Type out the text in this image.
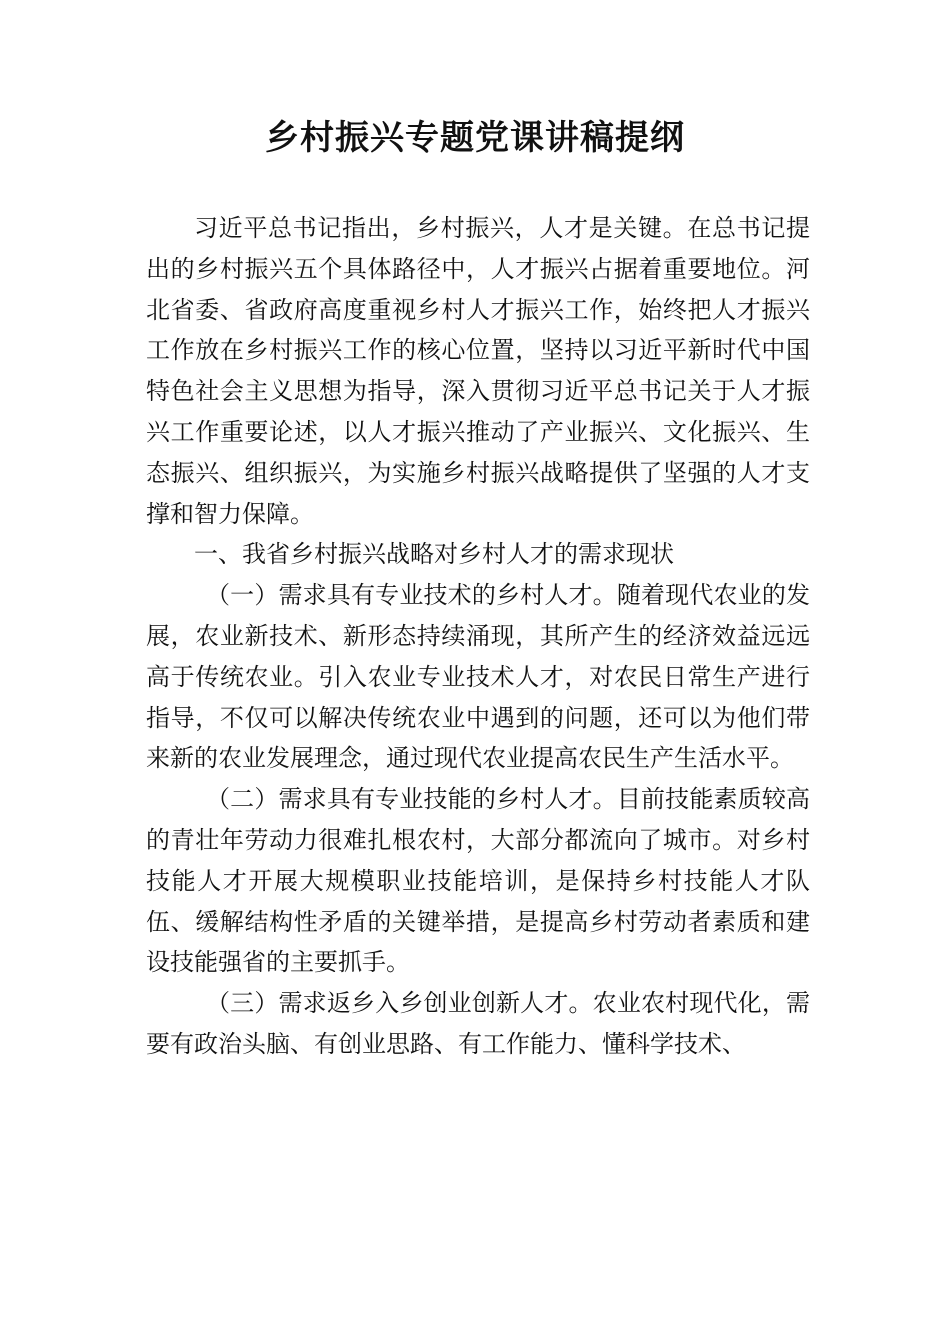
乡村振兴专题党课讲稿提纲

习近平总书记指出，乡村振兴，人才是关键。在总书记提出的乡村振兴五个具体路径中，人才振兴占据着重要地位。河北省委、省政府高度重视乡村人才振兴工作，始终把人才振兴工作放在乡村振兴工作的核心位置，坚持以习近平新时代中国特色社会主义思想为指导，深入贯彻习近平总书记关于人才振兴工作重要论述，以人才振兴推动了产业振兴、文化振兴、生态振兴、组织振兴，为实施乡村振兴战略提供了坚强的人才支撑和智力保障。

一、我省乡村振兴战略对乡村人才的需求现状

（一）需求具有专业技术的乡村人才。随着现代农业的发展，农业新技术、新形态持续涌现，其所产生的经济效益远远高于传统农业。引入农业专业技术人才，对农民日常生产进行指导，不仅可以解决传统农业中遇到的问题，还可以为他们带来新的农业发展理念，通过现代农业提高农民生产生活水平。

（二）需求具有专业技能的乡村人才。目前技能素质较高的青壮年劳动力很难扎根农村，大部分都流向了城市。对乡村技能人才开展大规模职业技能培训，是保持乡村技能人才队伍、缓解结构性矛盾的关键举措，是提高乡村劳动者素质和建设技能强省的主要抓手。

（三）需求返乡入乡创业创新人才。农业农村现代化，需要有政治头脑、有创业思路、有工作能力、懂科学技术、
